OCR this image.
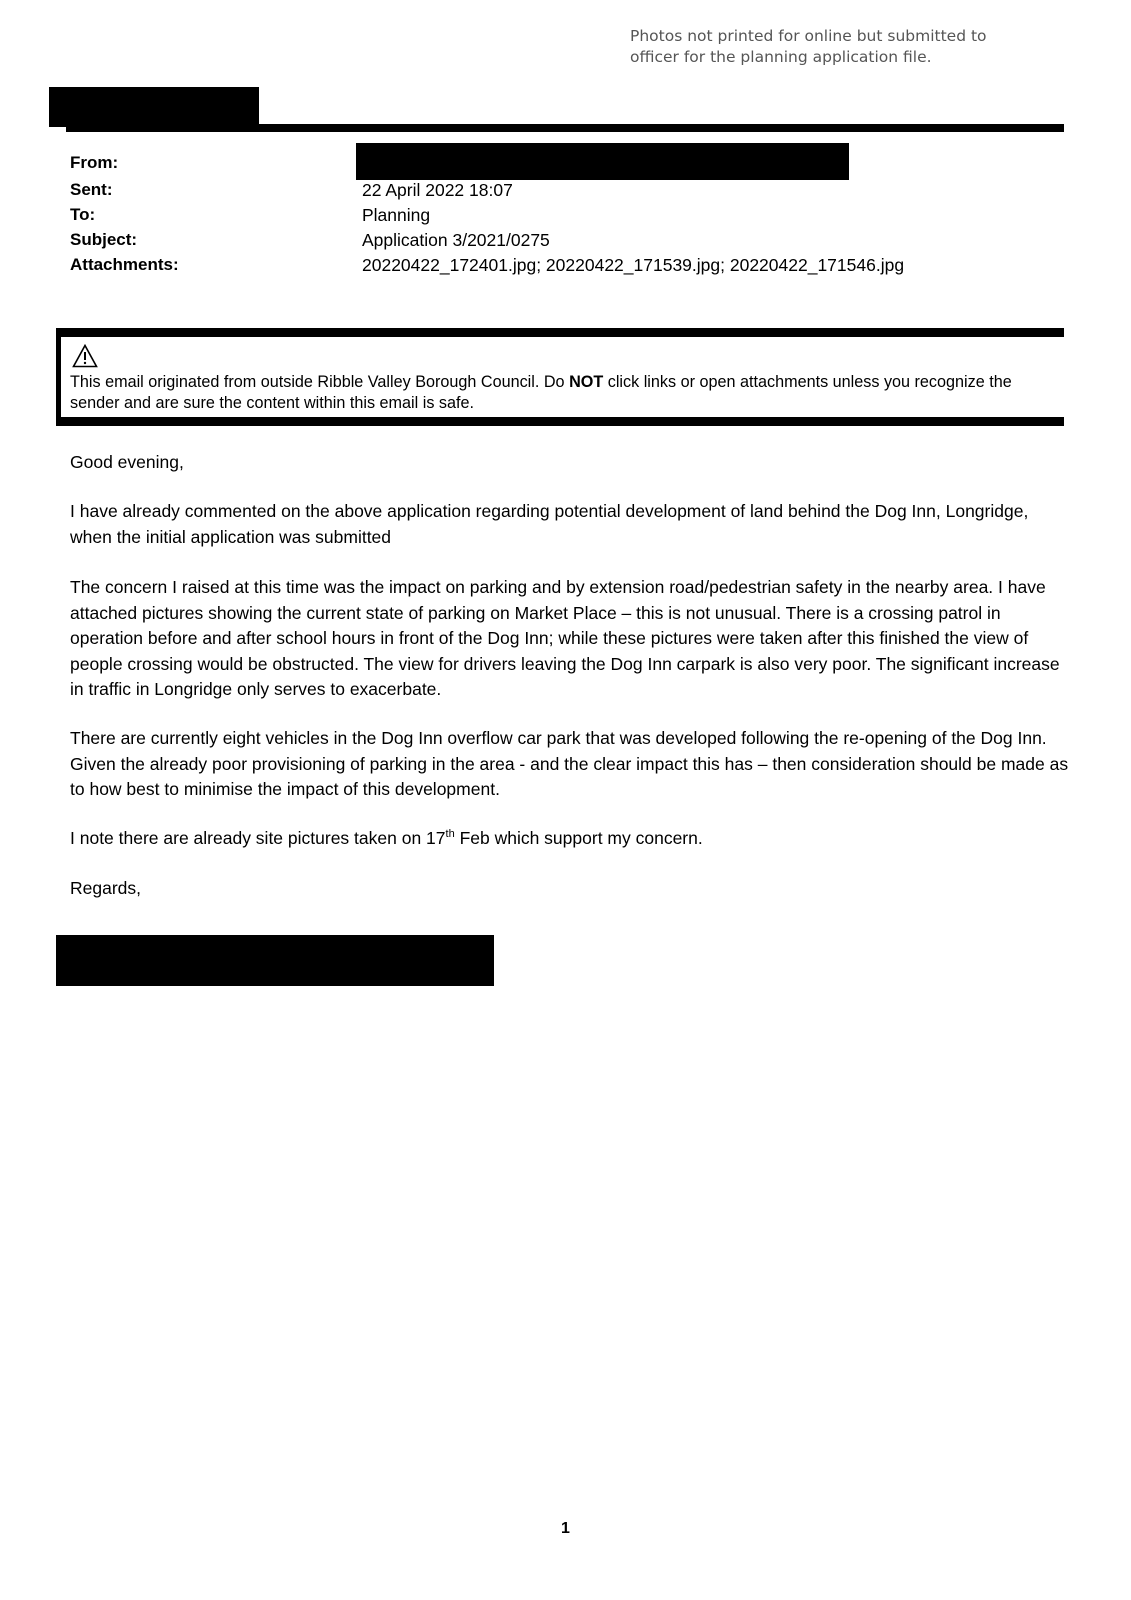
Photos not printed for online but submitted to
officer for the planning application file.
From:
Sent:	22 April 2022 18:07
To:	Planning
Subject:	Application 3/2021/0275
Attachments:	20220422_172401.jpg; 20220422_171539.jpg; 20220422_171546.jpg
This email originated from outside Ribble Valley Borough Council. Do NOT click links or open attachments unless you recognize the sender and are sure the content within this email is safe.
Good evening,
I have already commented on the above application regarding potential development of land behind the Dog Inn, Longridge, when the initial application was submitted
The concern I raised at this time was the impact on parking and by extension road/pedestrian safety in the nearby area. I have attached pictures showing the current state of parking on Market Place – this is not unusual. There is a crossing patrol in operation before and after school hours in front of the Dog Inn; while these pictures were taken after this finished the view of people crossing would be obstructed. The view for drivers leaving the Dog Inn carpark is also very poor. The significant increase in traffic in Longridge only serves to exacerbate.
There are currently eight vehicles in the Dog Inn overflow car park that was developed following the re-opening of the Dog Inn. Given the already poor provisioning of parking in the area - and the clear impact this has – then consideration should be made as to how best to minimise the impact of this development.
I note there are already site pictures taken on 17th Feb which support my concern.
Regards,
1
